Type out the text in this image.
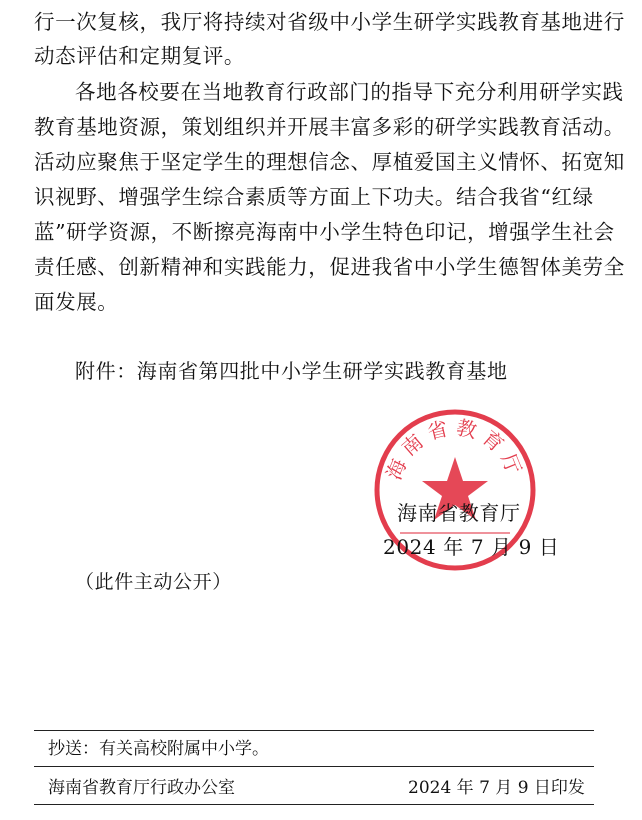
行一次复核，我厅将持续对省级中小学生研学实践教育基地进行
动态评估和定期复评。
各地各校要在当地教育行政部门的指导下充分利用研学实践
教育基地资源，策划组织并开展丰富多彩的研学实践教育活动。
活动应聚焦于坚定学生的理想信念、厚植爱国主义情怀、拓宽知
识视野、增强学生综合素质等方面上下功夫。结合我省“红绿
蓝”研学资源，不断擦亮海南中小学生特色印记，增强学生社会
责任感、创新精神和实践能力，促进我省中小学生德智体美劳全
面发展。
附件：海南省第四批中小学生研学实践教育基地
海南省教育厅
海南省教育厅
2024 年 7 月 9 日
（此件主动公开）
抄送：有关高校附属中小学。
海南省教育厅行政办公室	2024 年 7 月 9 日印发
